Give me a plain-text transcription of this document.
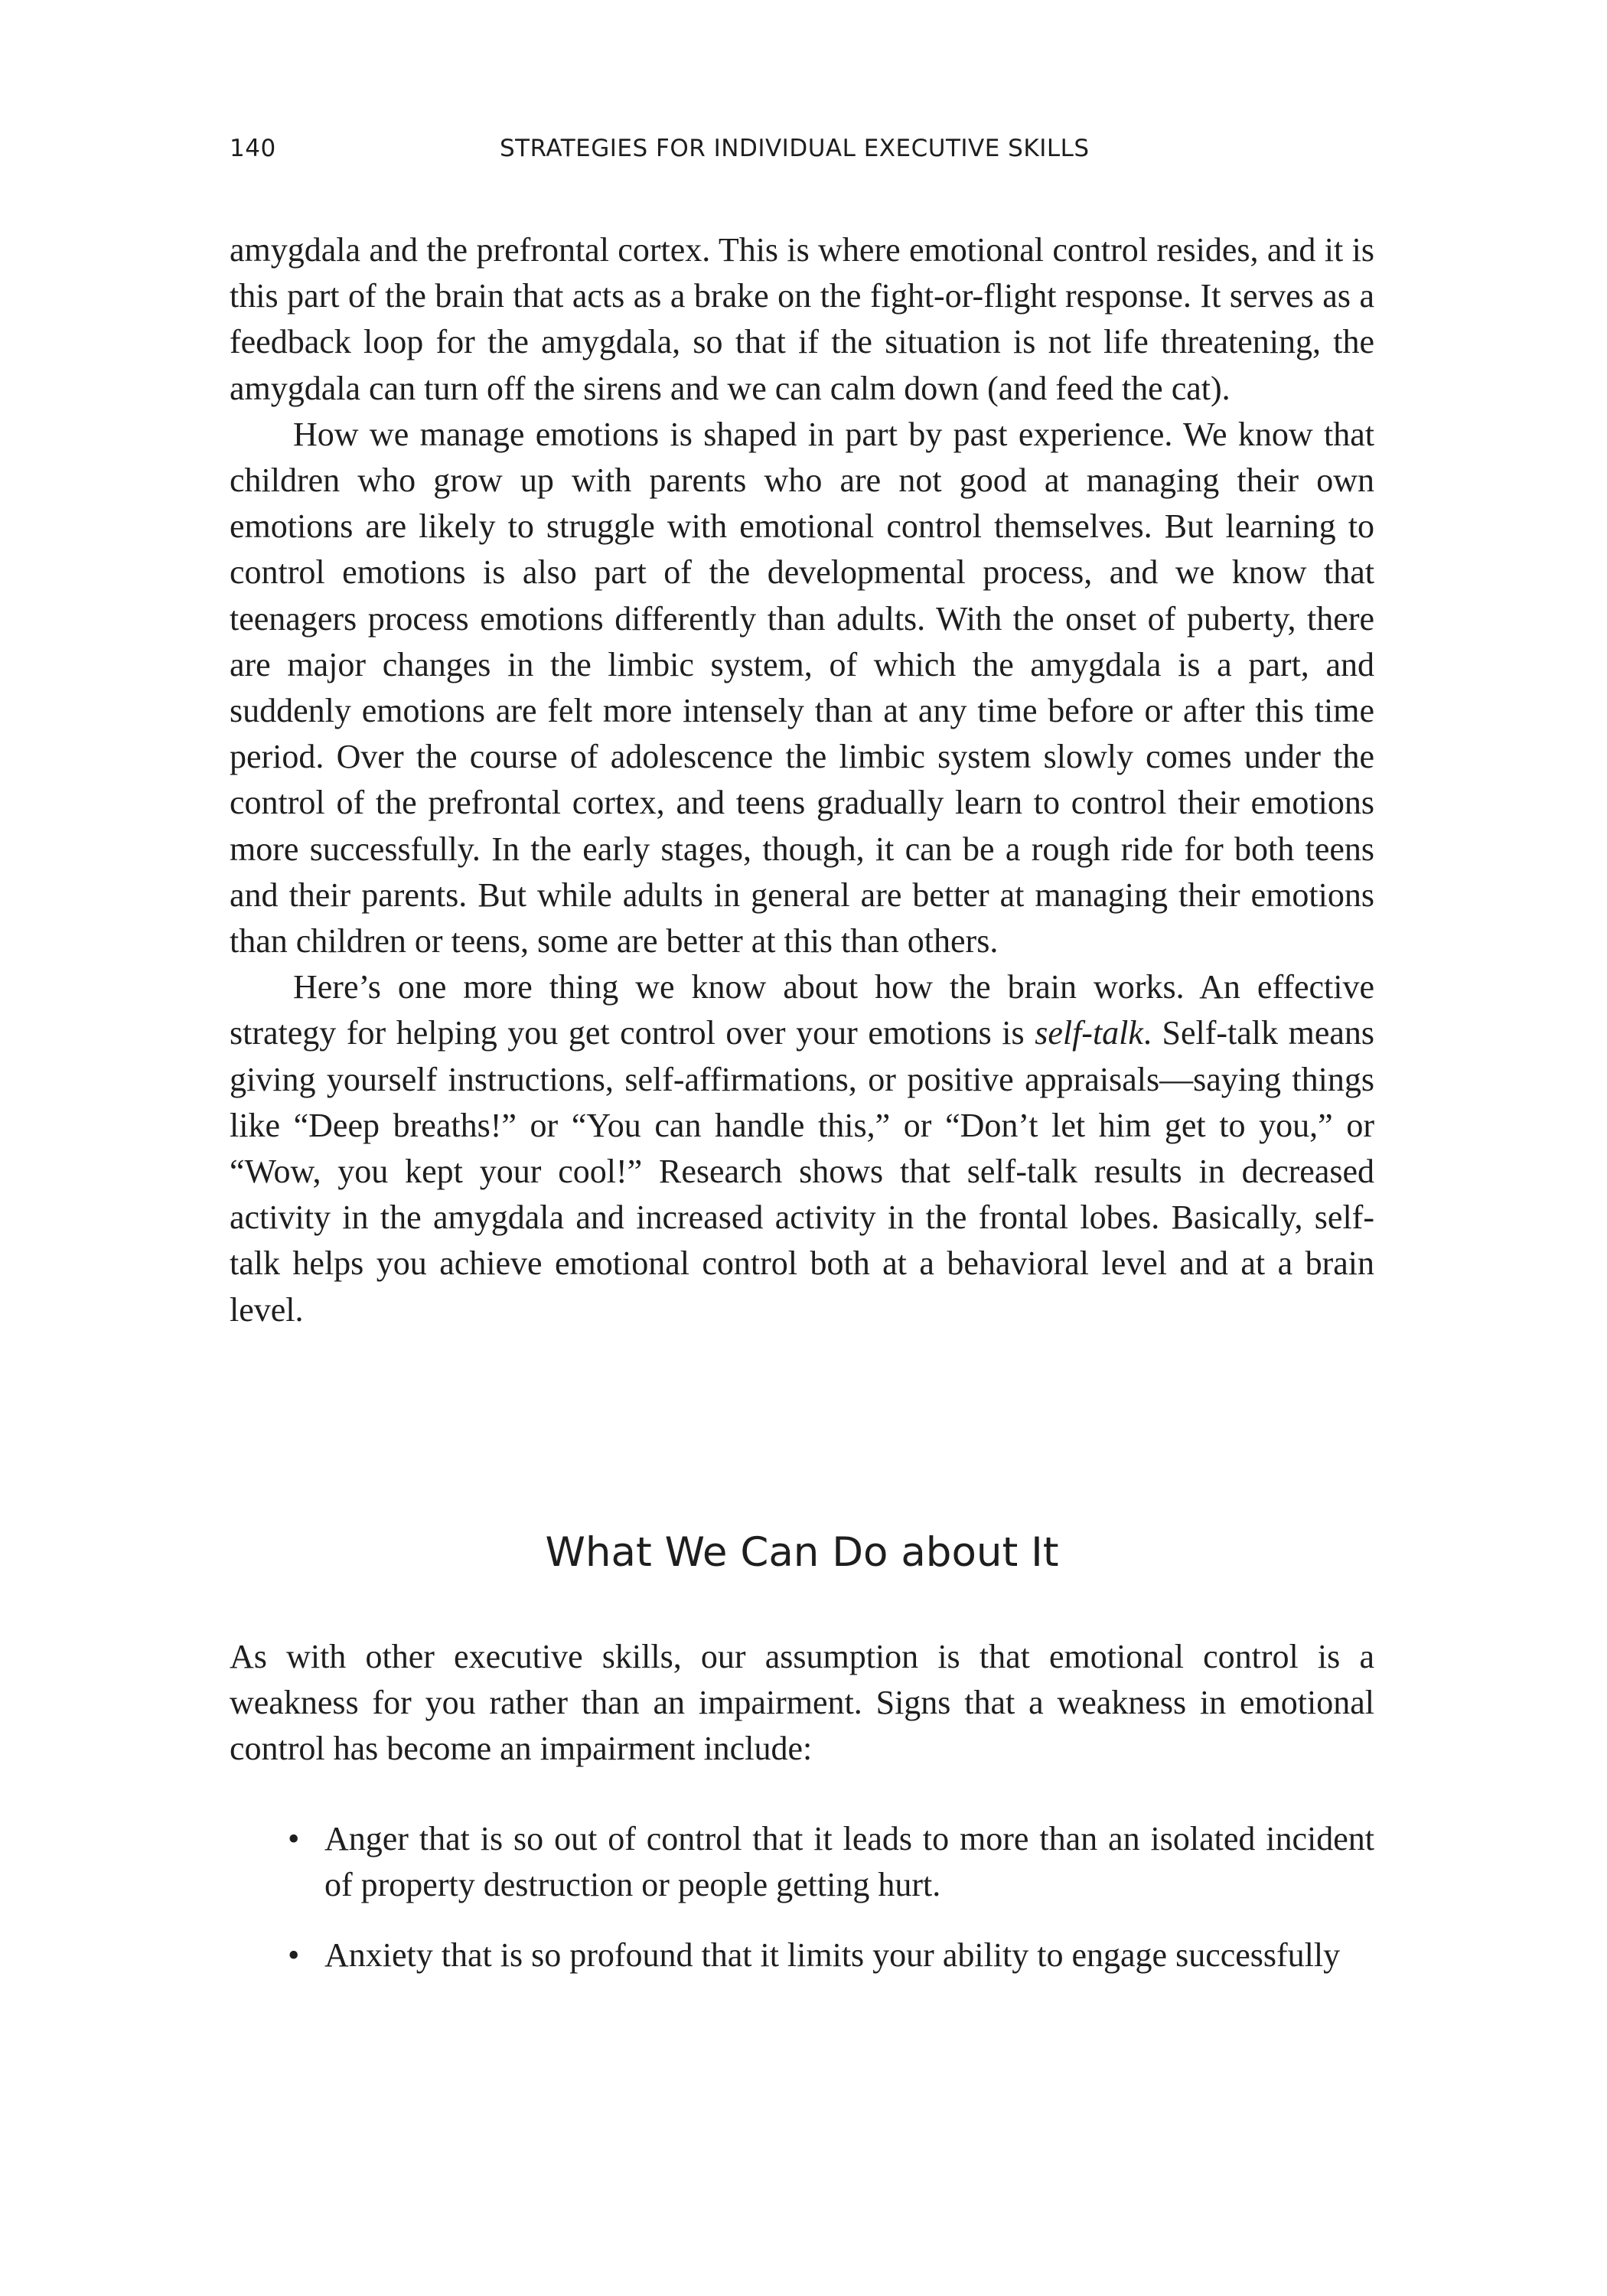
140	STRATEGIES FOR INDIVIDUAL EXECUTIVE SKILLS

amygdala and the prefrontal cortex. This is where emotional control resides, and it is this part of the brain that acts as a brake on the fight-or-flight response. It serves as a feedback loop for the amygdala, so that if the situation is not life threatening, the amygdala can turn off the sirens and we can calm down (and feed the cat).

How we manage emotions is shaped in part by past experience. We know that children who grow up with parents who are not good at managing their own emotions are likely to struggle with emotional control themselves. But learning to control emotions is also part of the developmental process, and we know that teenagers process emotions differently than adults. With the onset of puberty, there are major changes in the limbic system, of which the amygdala is a part, and suddenly emotions are felt more intensely than at any time before or after this time period. Over the course of adolescence the limbic system slowly comes under the control of the prefrontal cortex, and teens gradually learn to control their emotions more successfully. In the early stages, though, it can be a rough ride for both teens and their parents. But while adults in general are better at managing their emotions than children or teens, some are better at this than others.

Here’s one more thing we know about how the brain works. An effective strategy for helping you get control over your emotions is self-talk. Self-talk means giving yourself instructions, self-affirmations, or positive appraisals—saying things like “Deep breaths!” or “You can handle this,” or “Don’t let him get to you,” or “Wow, you kept your cool!” Research shows that self-talk results in decreased activity in the amygdala and increased activity in the frontal lobes. Basically, self-talk helps you achieve emotional control both at a behavioral level and at a brain level.

What We Can Do about It

As with other executive skills, our assumption is that emotional control is a weakness for you rather than an impairment. Signs that a weakness in emotional control has become an impairment include:

• Anger that is so out of control that it leads to more than an isolated incident of property destruction or people getting hurt.
• Anxiety that is so profound that it limits your ability to engage successfully
